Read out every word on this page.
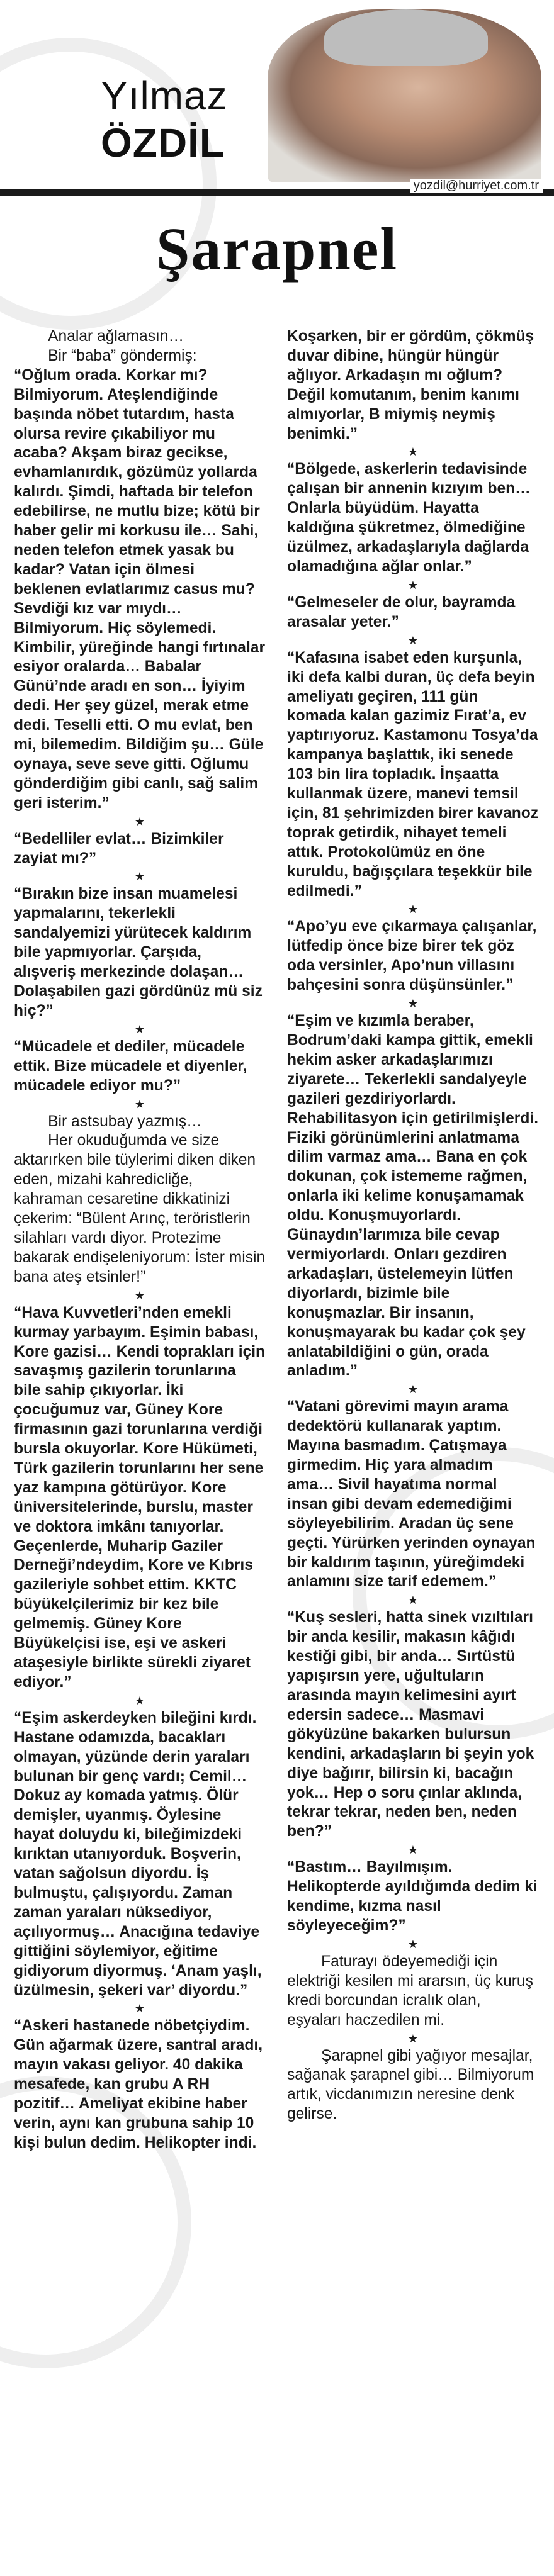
Yılmaz
ÖZDİL
yozdil@hurriyet.com.tr
Şarapnel

Analar ağlamasın…

Bir “baba” göndermiş:

“Oğlum orada. Korkar mı? Bilmiyorum. Ateşlendiğinde başında nöbet tutardım, hasta olursa revire çıkabiliyor mu acaba? Akşam biraz gecikse, evhamlanırdık, gözümüz yollarda kalırdı. Şimdi, haftada bir telefon edebilirse, ne mutlu bize; kötü bir haber gelir mi korkusu ile… Sahi, neden telefon etmek yasak bu kadar? Vatan için ölmesi beklenen evlatlarımız casus mu? Sevdiği kız var mıydı… Bilmiyorum. Hiç söylemedi. Kimbilir, yüreğinde hangi fırtınalar esiyor oralarda… Babalar Günü’nde aradı en son… İyiyim dedi. Her şey güzel, merak etme dedi. Teselli etti. O mu evlat, ben mi, bilemedim. Bildiğim şu… Güle oynaya, seve seve gitti. Oğlumu gönderdiğim gibi canlı, sağ salim geri isterim.”

★

“Bedelliler evlat… Bizimkiler zayiat mı?”

★

“Bırakın bize insan muamelesi yapmalarını, tekerlekli sandalyemizi yürütecek kaldırım bile yapmıyorlar. Çarşıda, alışveriş merkezinde dolaşan… Dolaşabilen gazi gördünüz mü siz hiç?”

★

“Mücadele et dediler, mücadele ettik. Bize mücadele et diyenler, mücadele ediyor mu?”

★

Bir astsubay yazmış…

Her okuduğumda ve size aktarırken bile tüylerimi diken diken eden, mizahi kahredicliğe, kahraman cesaretine dikkatinizi çekerim: “Bülent Arınç, teröristlerin silahları vardı diyor. Protezime bakarak endişeleniyorum: İster misin bana ateş etsinler!”

★

“Hava Kuvvetleri’nden emekli kurmay yarbayım. Eşimin babası, Kore gazisi… Kendi toprakları için savaşmış gazilerin torunlarına bile sahip çıkıyorlar. İki çocuğumuz var, Güney Kore firmasının gazi torunlarına verdiği bursla okuyorlar. Kore Hükümeti, Türk gazilerin torunlarını her sene yaz kampına götürüyor. Kore üniversitelerinde, burslu, master ve doktora imkânı tanıyorlar. Geçenlerde, Muharip Gaziler Derneği’ndeydim, Kore ve Kıbrıs gazileriyle sohbet ettim. KKTC büyükelçilerimiz bir kez bile gelmemiş. Güney Kore Büyükelçisi ise, eşi ve askeri ataşesiyle birlikte sürekli ziyaret ediyor.”

★

“Eşim askerdeyken bileğini kırdı. Hastane odamızda, bacakları olmayan, yüzünde derin yaraları bulunan bir genç vardı; Cemil… Dokuz ay komada yatmış. Ölür demişler, uyanmış. Öylesine hayat doluydu ki, bileğimizdeki kırıktan utanıyorduk. Boşverin, vatan sağolsun diyordu. İş bulmuştu, çalışıyordu. Zaman zaman yaraları nüksediyor, açılıyormuş… Anacığına tedaviye gittiğini söylemiyor, eğitime gidiyorum diyormuş. ‘Anam yaşlı, üzülmesin, şekeri var’ diyordu.”

★

“Askeri hastanede nöbetçiydim. Gün ağarmak üzere, santral aradı, mayın vakası geliyor. 40 dakika mesafede, kan grubu A RH pozitif… Ameliyat ekibine haber verin, aynı kan grubuna sahip 10 kişi bulun dedim. Helikopter indi.

Koşarken, bir er gördüm, çökmüş duvar dibine, hüngür hüngür ağlıyor. Arkadaşın mı oğlum? Değil komutanım, benim kanımı almıyorlar, B mi‌ymiş neymiş benimki.”

★

“Bölgede, askerlerin tedavisinde çalışan bir annenin kızıyım ben… Onlarla büyüdüm. Hayatta kaldığına şükretmez, ölmediğine üzülmez, arkadaşlarıyla dağlarda olamadığına ağlar onlar.”

★

“Gelmeseler de olur, bayramda arasalar yeter.”

★

“Kafasına isabet eden kurşunla, iki defa kalbi duran, üç defa beyin ameliyatı geçiren, 111 gün komada kalan gazimiz Fırat’a, ev yaptırıyoruz. Kastamonu Tosya’da kampanya başlattık, iki senede 103 bin lira topladık. İnşaatta kullanmak üzere, manevi temsil için, 81 şehrimizden birer kavanoz toprak getirdik, nihayet temeli attık. Protokolümüz en öne kuruldu, bağışçılara teşekkür bile edilmedi.”

★

“Apo’yu eve çıkarmaya çalışanlar, lütfedip önce bize birer tek göz oda versinler, Apo’nun villasını bahçesini sonra düşünsünler.”

★

“Eşim ve kızımla beraber, Bodrum’daki kampa gittik, emekli hekim asker arkadaşlarımızı ziyarete… Tekerlekli sandalyeyle gazileri gezdiriyorlardı. Rehabilitasyon için getirilmişlerdi. Fiziki görünümlerini anlatmama dilim varmaz ama… Bana en çok dokunan, çok istememe rağmen, onlarla iki kelime konuşamamak oldu. Konuşmuyorlardı. Günaydın’larımıza bile cevap vermiyorlardı. Onları gezdiren arkadaşları, üstelemeyin lütfen diyorlardı, bizimle bile konuşmazlar. Bir insanın, konuşmayarak bu kadar çok şey anlatabildiğini o gün, orada anladım.”

★

“Vatani görevimi mayın arama dedektörü kullanarak yaptım. Mayına basmadım. Çatışmaya girmedim. Hiç yara almadım ama… Sivil hayatıma normal insan gibi devam edemediğimi söyleyebilirim. Aradan üç sene geçti. Yürürken yerinden oynayan bir kaldırım taşının, yüreğimdeki anlamını size tarif edemem.”

★

“Kuş sesleri, hatta sinek vızıltıları bir anda kesilir, makasın kâğıdı kestiği gibi, bir anda… Sırtüstü yapışırsın yere, uğultuların arasında mayın kelimesini ayırt edersin sadece… Masmavi gökyüzüne bakarken bulursun kendini, arkadaşların bi şeyin yok diye bağırır, bilirsin ki, bacağın yok… Hep o soru çınlar aklında, tekrar tekrar, neden ben, neden ben?”

★

“Bastım… Bayılmışım. Helikopterde ayıldığımda dedim ki kendime, kızma nasıl söyleyeceğim?”

★

Faturayı ödeyemediği için elektriği kesilen mi ararsın, üç kuruş kredi borcundan icralık olan, eşyaları haczedilen mi.

★

Şarapnel gibi yağıyor mesajlar, sağanak şarapnel gibi… Bilmiyorum artık, vicdanımızın neresine denk gelirse.
